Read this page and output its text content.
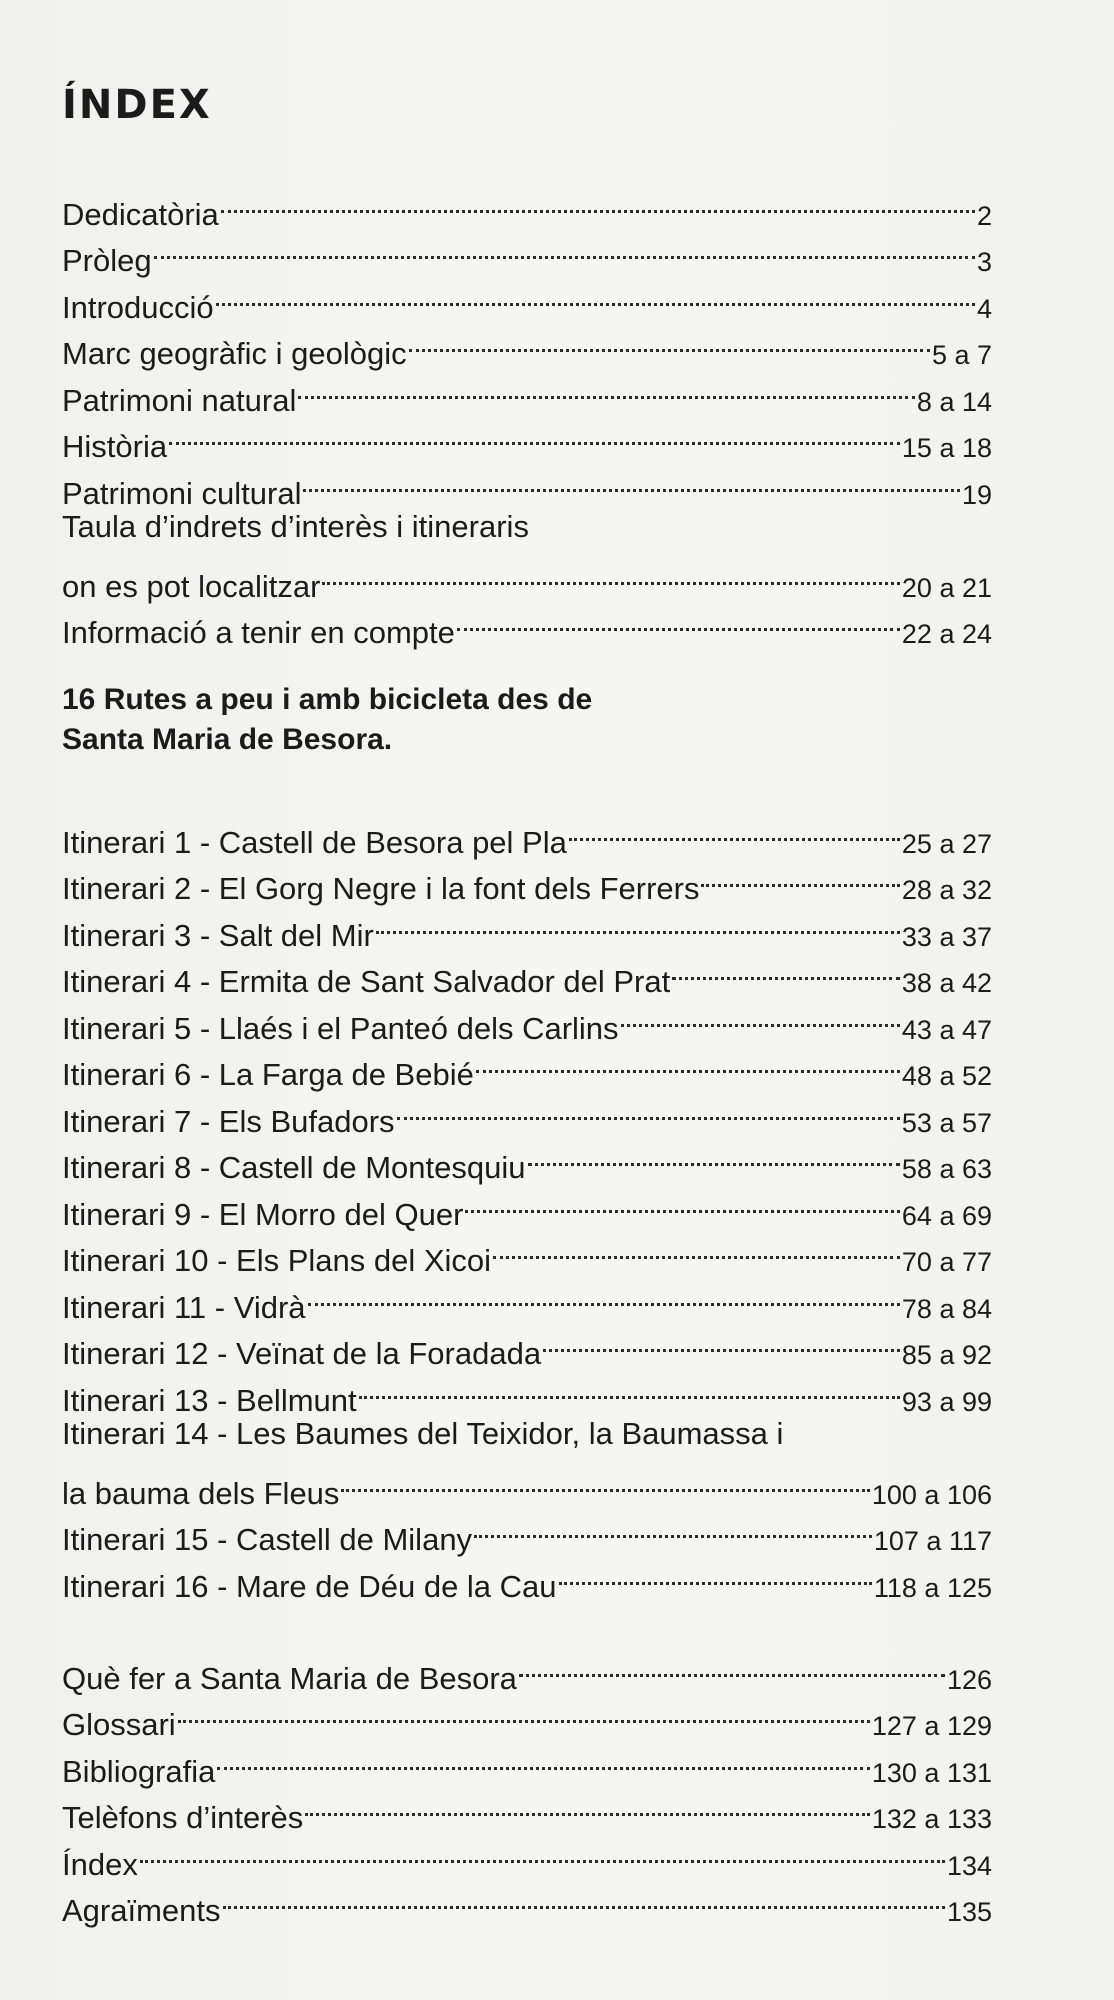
ÍNDEX
Dedicatòria	2
Pròleg	3
Introducció	4
Marc geogràfic i geològic	5 a 7
Patrimoni natural	8 a 14
Història	15 a 18
Patrimoni cultural	19
Taula d’indrets d’interès i itineraris
on es pot localitzar	20 a 21
Informació a tenir en compte	22 a 24
16 Rutes a peu i amb bicicleta des de
Santa Maria de Besora.
Itinerari 1 - Castell de Besora pel Pla	25 a 27
Itinerari 2 - El Gorg Negre i la font dels Ferrers	28 a 32
Itinerari 3 - Salt del Mir	33 a 37
Itinerari 4 - Ermita de Sant Salvador del Prat	38 a 42
Itinerari 5 - Llaés i el Panteó dels Carlins	43 a 47
Itinerari 6 - La Farga de Bebié	48 a 52
Itinerari 7 - Els Bufadors	53 a 57
Itinerari 8 - Castell de Montesquiu	58 a 63
Itinerari 9 - El Morro del Quer	64 a 69
Itinerari 10 - Els Plans del Xicoi	70 a 77
Itinerari 11 - Vidrà	78 a 84
Itinerari 12 - Veïnat de la Foradada	85 a 92
Itinerari 13 - Bellmunt	93 a 99
Itinerari 14 - Les Baumes del Teixidor, la Baumassa i
la bauma dels Fleus	100 a 106
Itinerari 15 - Castell de Milany	107 a 117
Itinerari 16 - Mare de Déu de la Cau	118 a 125
Què fer a Santa Maria de Besora	126
Glossari	127 a 129
Bibliografia	130 a 131
Telèfons d’interès	132 a 133
Índex	134
Agraïments	135
